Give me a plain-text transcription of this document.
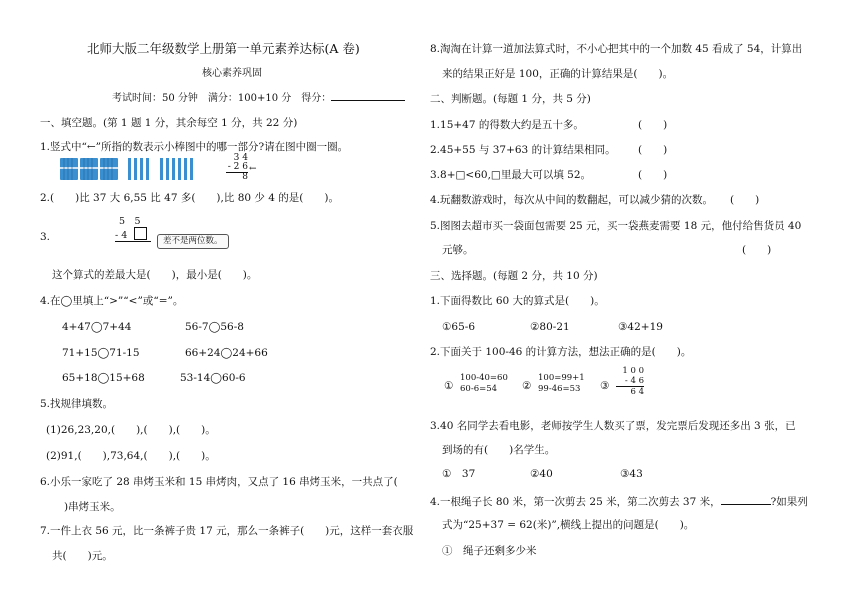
北师大版二年级数学上册第一单元素养达标(A 卷)
核心素养巩固
考试时间：50 分钟　满分：100+10 分　得分：
一、填空题。(第 1 题 1 分，其余每空 1 分，共 22 分)
1.竖式中“←”所指的数表示小棒图中的哪一部分?请在图中圈一圈。
3 4
- 2 6
8
←
2.(　　)比 37 大 6,55 比 47 多(　　),比 80 少 4 的是(　　)。
3.
5　5
- 4	差不是两位数。
这个算式的差最大是(　　)，最小是(　　)。
4.在◯里填上“>”“<”或“=”。
4+47◯7+44	56-7◯56-8
71+15◯71-15	66+24◯24+66
65+18◯15+68	53-14◯60-6
5.找规律填数。
(1)26,23,20,(　　),(　　),(　　)。
(2)91,(　　),73,64,(　　),(　　)。
6.小乐一家吃了 28 串烤玉米和 15 串烤肉，又点了 16 串烤玉米，一共点了(
)串烤玉米。
7.一件上衣 56 元，比一条裤子贵 17 元，那么一条裤子(　　)元，这样一套衣服
共(　　)元。
8.淘淘在计算一道加法算式时，不小心把其中的一个加数 45 看成了 54，计算出
来的结果正好是 100，正确的计算结果是(　　)。
二、判断题。(每题 1 分，共 5 分)
1.15+47 的得数大约是五十多。	(　　)
2.45+55 与 37+63 的计算结果相同。 (　　)
3.8+□<60,□里最大可以填 52。	(　　)
4.玩翻数游戏时，每次从中间的数翻起，可以减少猜的次数。 (　　)
5.图图去超市买一袋面包需要 25 元，买一袋燕麦需要 18 元，他付给售货员 40
元够。	(　　)
三、选择题。(每题 2 分，共 10 分)
1.下面得数比 60 大的算式是(　　)。
①65-6	②80-21	③42+19
2.下面关于 100-46 的计算方法，想法正确的是(　　)。
①
100-40=60
60-6=54	②
100=99+1
99-46=53	③
1 0 0
- 4 6
6 4
3.40 名同学去看电影，老师按学生人数买了票，发完票后发现还多出 3 张，已
到场的有(　　)名学生。
①　37	②40	③43
4.一根绳子长 80 米，第一次剪去 25 米，第二次剪去 37 米，	?如果列
式为“25+37 = 62(米)”,横线上提出的问题是(　　)。
①　绳子还剩多少米
